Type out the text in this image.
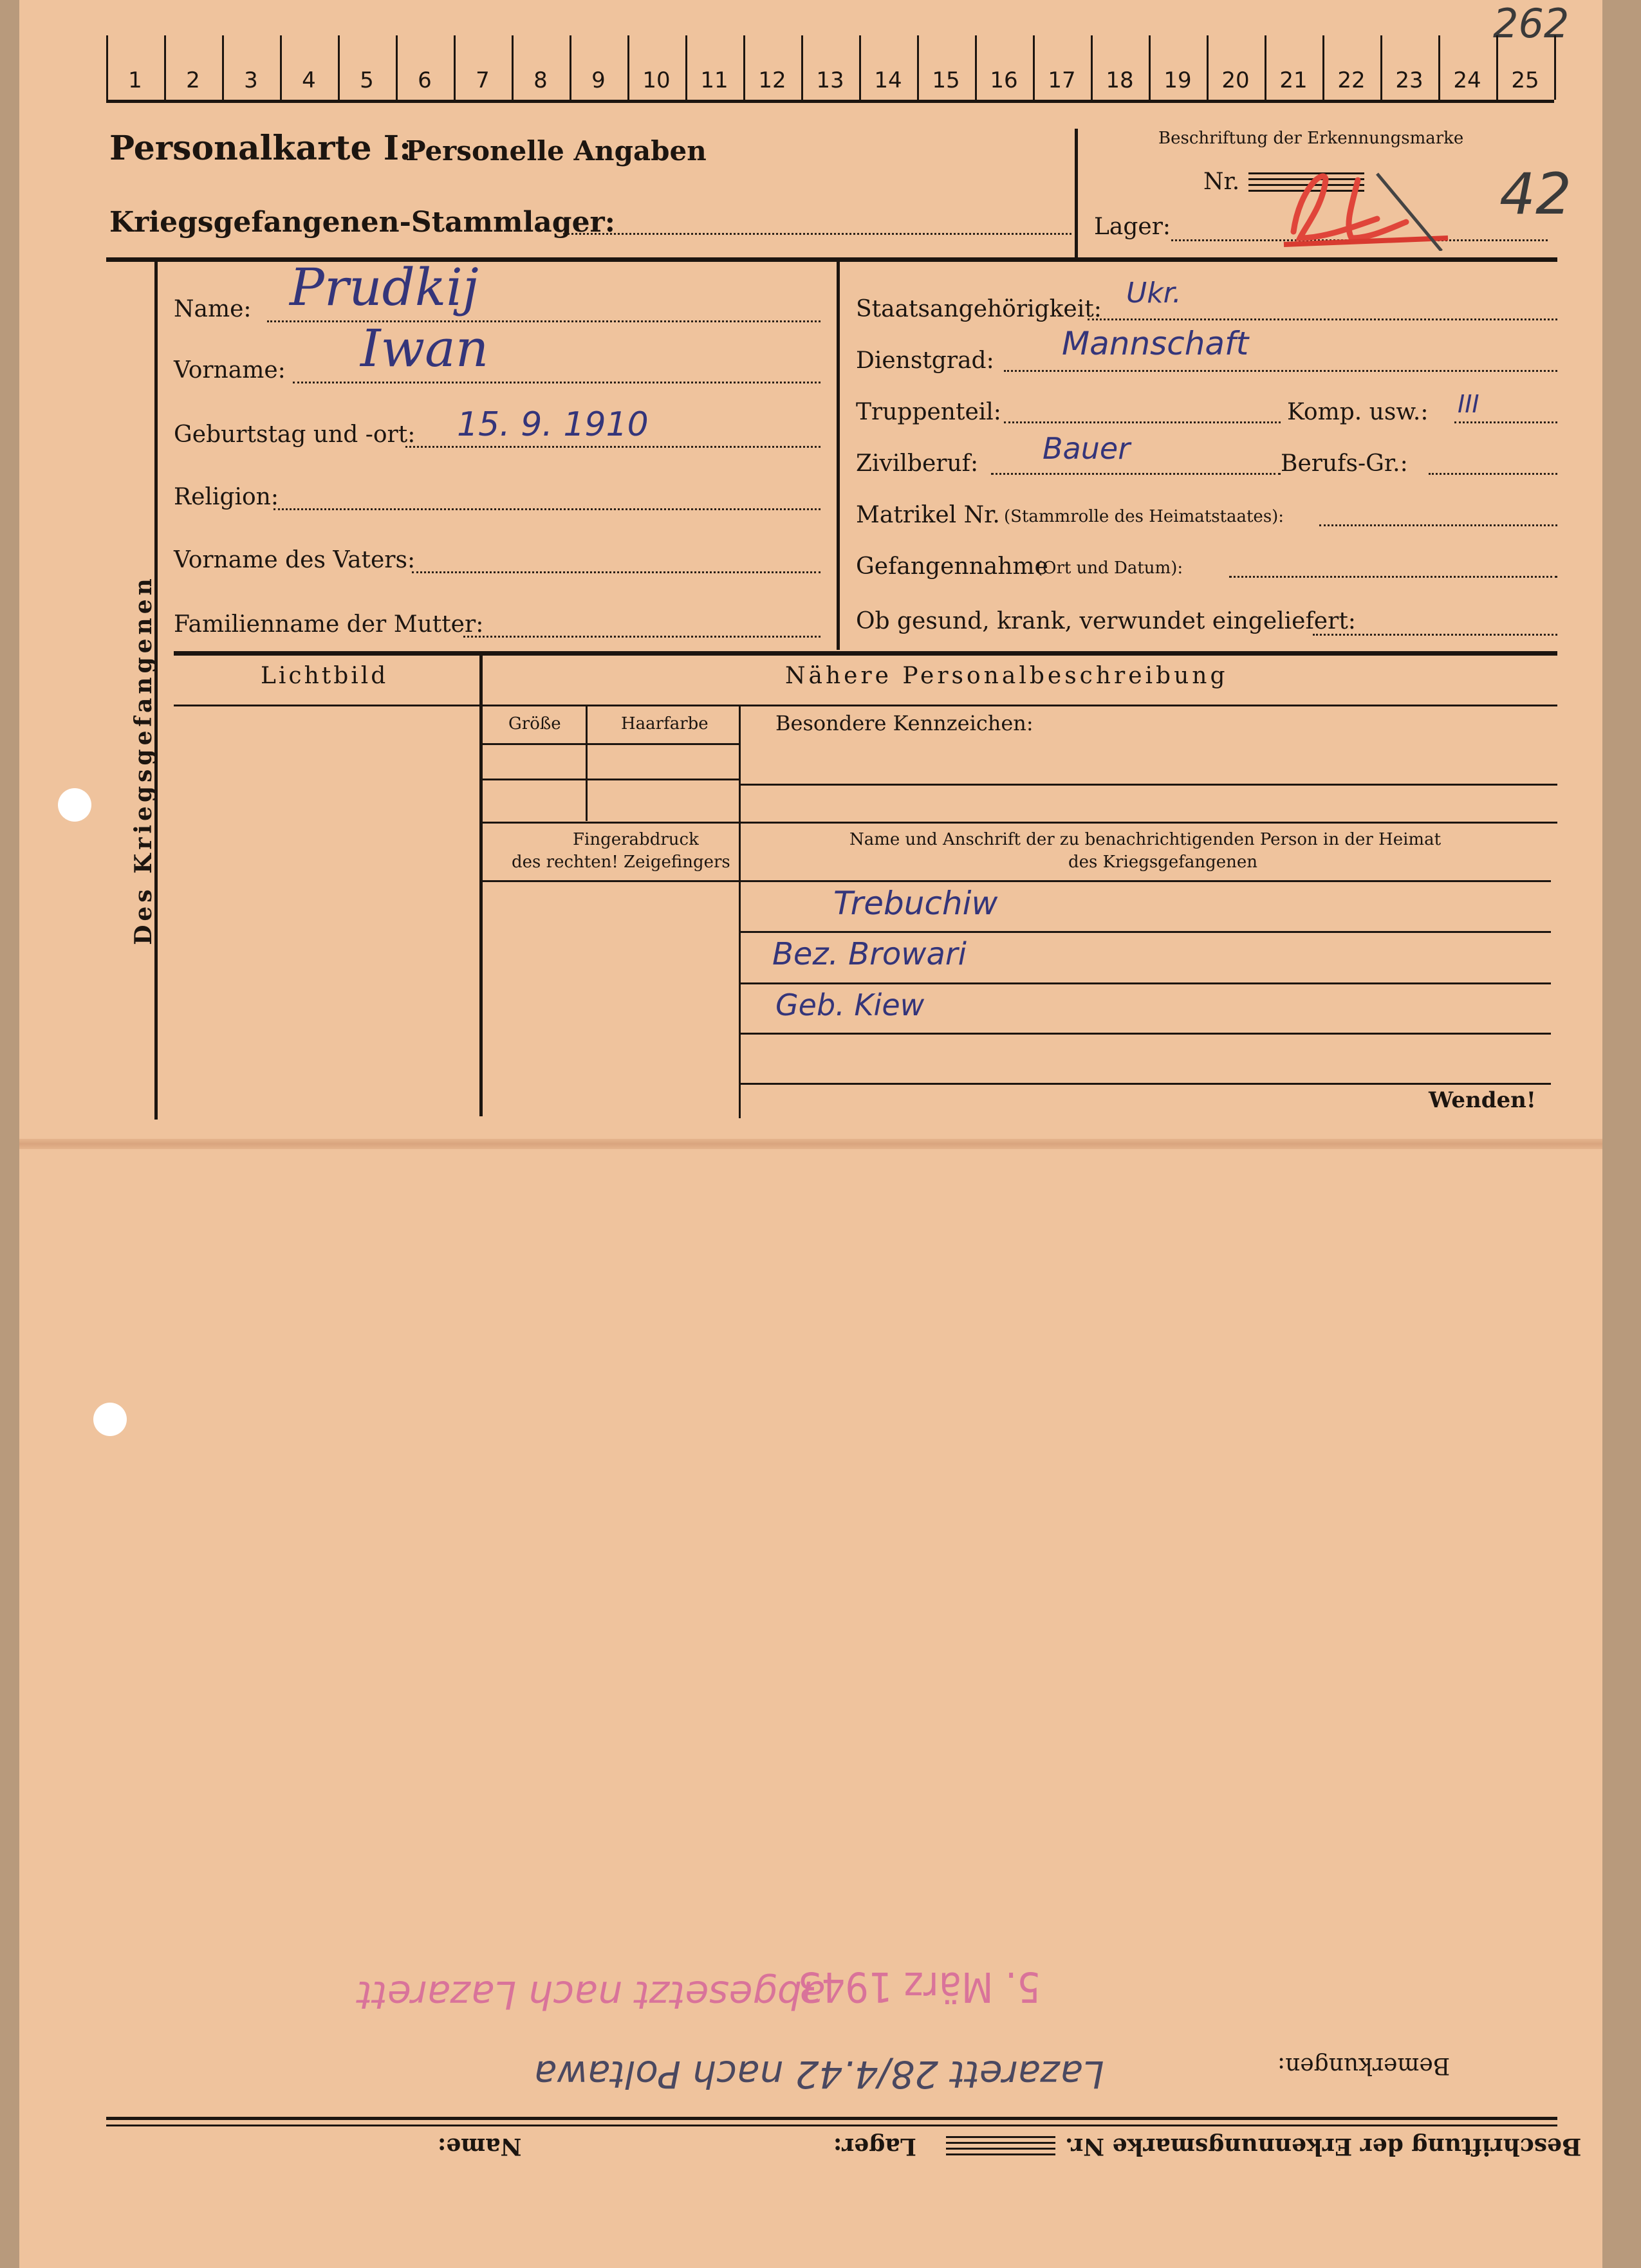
262
1	2	3	4	5	6	7	8	9	10	11	12	13	14	15	16	17	18	19	20	21	22	23	24	25
Personalkarte I:
Personelle Angaben
Kriegsgefangenen-Stammlager:
Beschriftung der Erkennungsmarke
Nr.
Lager:	42
Des Kriegsgefangenen
Name: Prudkij
Vorname: Iwan
Geburtstag und -ort: 15. 9. 1910
Religion:
Vorname des Vaters:
Familienname der Mutter:
Staatsangehörigkeit: Ukr.
Dienstgrad: Mannschaft
Truppenteil:	Komp. usw.: III
Zivilberuf: Bauer	Berufs-Gr.:
Matrikel Nr. (Stammrolle des Heimatstaates):
Gefangennahme
(Ort und Datum):
Ob gesund, krank, verwundet eingeliefert:
Lichtbild	Nähere Personalbeschreibung
Größe	Haarfarbe	Besondere Kennzeichen:
Fingerabdruck
des rechten! Zeigefingers
Name und Anschrift der zu benachrichtigenden Person in der Heimat
des Kriegsgefangenen
Trebuchiw
Bez. Browari
Geb. Kiew
Wenden!
5. März 1943
abgesetzt nach Lazarett
Bemerkungen:
Lazarett 28/4.42 nach Poltawa
Beschriftung der Erkennungsmarke Nr.
Lager:
Name:
